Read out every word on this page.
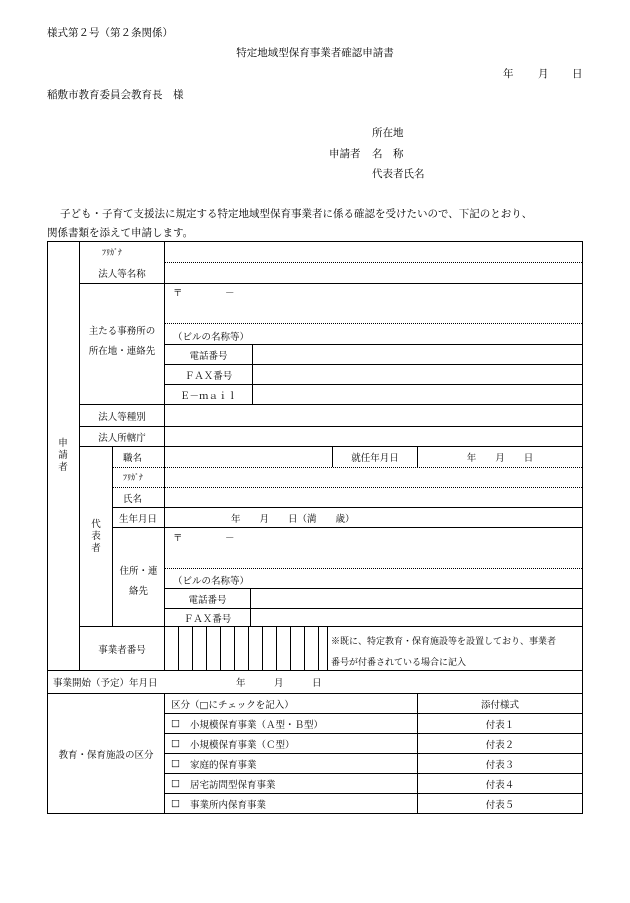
様式第２号（第２条関係）
特定地域型保育事業者確認申請書
年 月 日
稲敷市教育委員会教育長　様
所在地
申請者 名　称
代表者氏名
子ども・子育て支援法に規定する特定地域型保育事業者に係る確認を受けたいので、下記のとおり、
関係書類を添えて申請します。
申
請
者
ﾌﾘｶﾞﾅ
法人等名称
主たる事務所の
所在地・連絡先
〒	－
（ビルの名称等）
電話番号
ＦＡＸ番号
Ｅ－ｍａｉｌ
法人等種別
法人所轄庁
代
表
者
職名	就任年月日	年　　月　　日
ﾌﾘｶﾞﾅ
氏名
生年月日	年　　月　　日（満　　歳）
住所・連
絡先
〒	－
（ビルの名称等）
電話番号
ＦＡＸ番号
事業者番号
※既に、特定教育・保育施設等を設置しており、事業者
番号が付番されている場合に記入
事業開始（予定）年月日	年　　　月　　　日
教育・保育施設の区分
区分（□にチェックを記入）	添付様式
□ 小規模保育事業（Ａ型・Ｂ型）	付表１
□ 小規模保育事業（Ｃ型）	付表２
□ 家庭的保育事業	付表３
□ 居宅訪問型保育事業	付表４
□ 事業所内保育事業	付表５
